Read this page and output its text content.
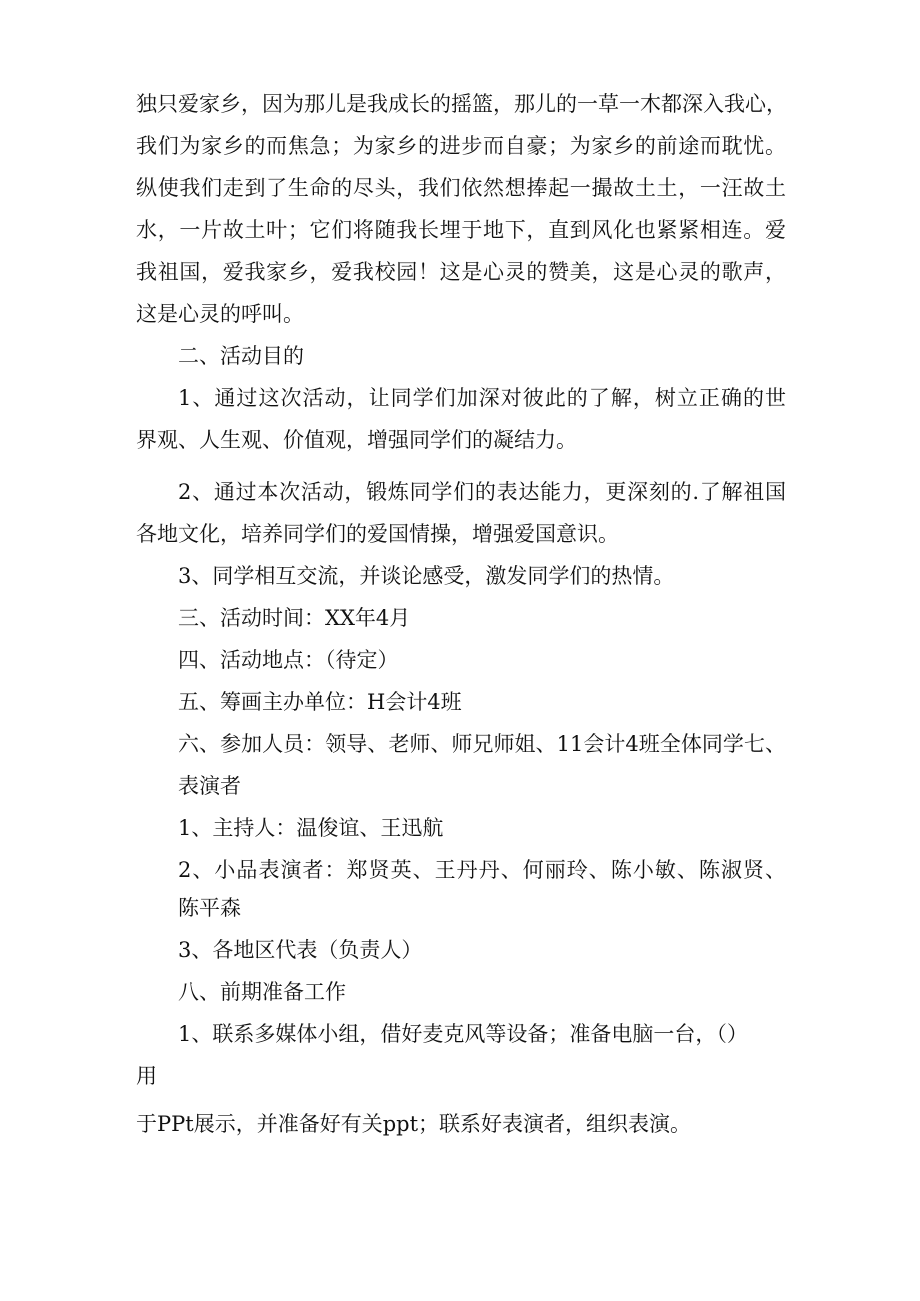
独只爱家乡，因为那儿是我成长的摇篮，那儿的一草一木都深入我心，
我们为家乡的而焦急；为家乡的进步而自豪；为家乡的前途而耽忧。
纵使我们走到了生命的尽头，我们依然想捧起一撮故土土，一汪故土
水，一片故土叶；它们将随我长埋于地下，直到风化也紧紧相连。爱
我祖国，爱我家乡，爱我校园！这是心灵的赞美，这是心灵的歌声，
这是心灵的呼叫。
二、活动目的
1、通过这次活动，让同学们加深对彼此的了解，树立正确的世
界观、人生观、价值观，增强同学们的凝结力。
2、通过本次活动，锻炼同学们的表达能力，更深刻的.了解祖国
各地文化，培养同学们的爱国情操，增强爱国意识。
3、同学相互交流，并谈论感受，激发同学们的热情。
三、活动时间：XX年4月
四、活动地点：（待定）
五、筹画主办单位：H会计4班
六、参加人员：领导、老师、师兄师姐、11会计4班全体同学七、
表演者
1、主持人：温俊谊、王迅航
2、小品表演者：郑贤英、王丹丹、何丽玲、陈小敏、陈淑贤、
陈平森
3、各地区代表（负责人）
八、前期准备工作
1、联系多媒体小组，借好麦克风等设备；准备电脑一台，（）
用
于PPt展示，并准备好有关ppt；联系好表演者，组织表演。
